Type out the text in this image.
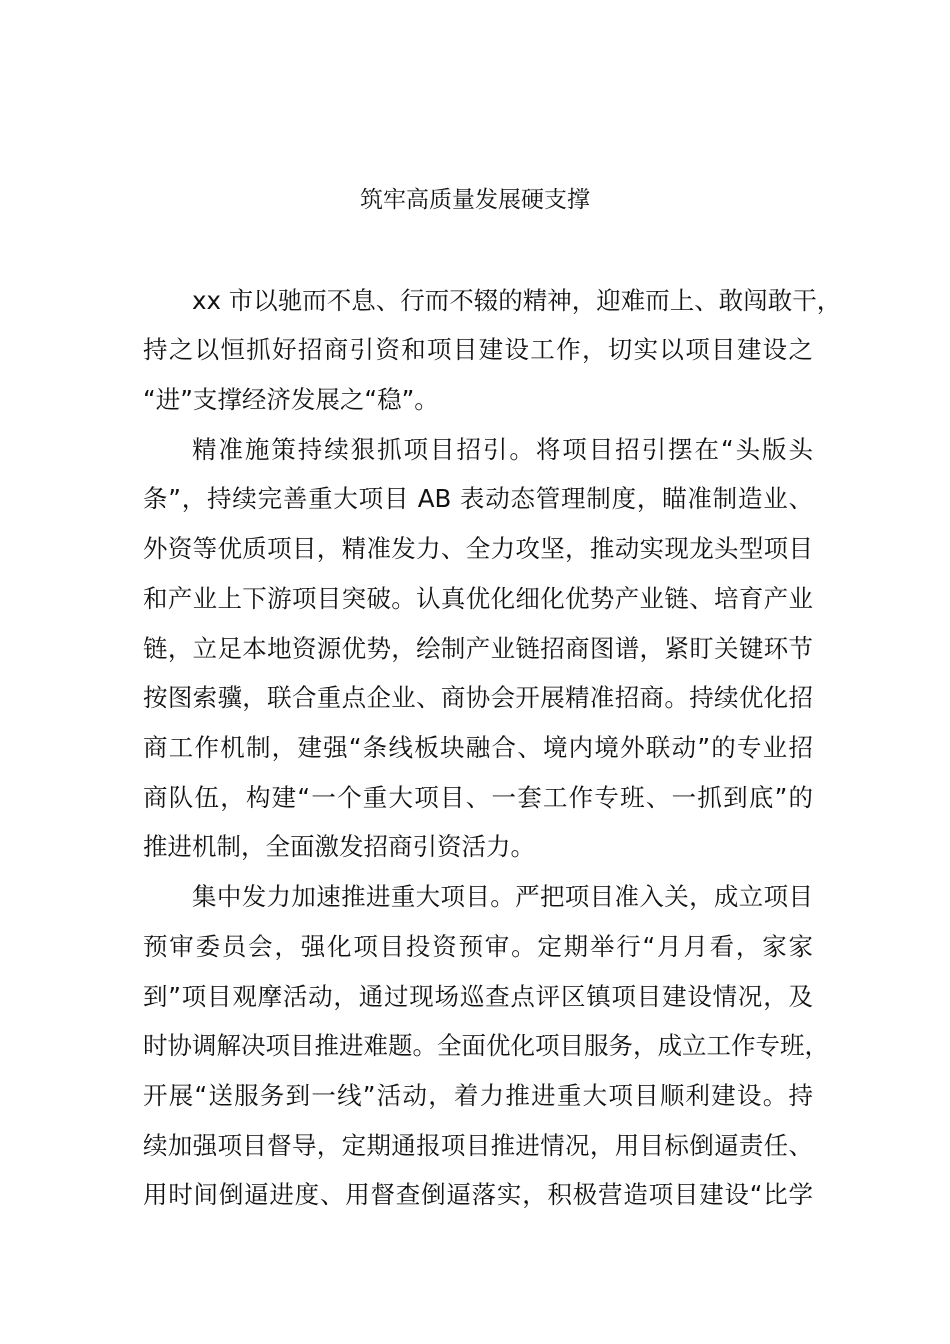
筑牢高质量发展硬支撑
xx 市以驰而不息、行而不辍的精神，迎难而上、敢闯敢干，
持之以恒抓好招商引资和项目建设工作，切实以项目建设之
“进”支撑经济发展之“稳”。
精准施策持续狠抓项目招引。将项目招引摆在“头版头
条”，持续完善重大项目 AB 表动态管理制度，瞄准制造业、
外资等优质项目，精准发力、全力攻坚，推动实现龙头型项目
和产业上下游项目突破。认真优化细化优势产业链、培育产业
链，立足本地资源优势，绘制产业链招商图谱，紧盯关键环节
按图索骥，联合重点企业、商协会开展精准招商。持续优化招
商工作机制，建强“条线板块融合、境内境外联动”的专业招
商队伍，构建“一个重大项目、一套工作专班、一抓到底”的
推进机制，全面激发招商引资活力。
集中发力加速推进重大项目。严把项目准入关，成立项目
预审委员会，强化项目投资预审。定期举行“月月看，家家
到”项目观摩活动，通过现场巡查点评区镇项目建设情况，及
时协调解决项目推进难题。全面优化项目服务，成立工作专班，
开展“送服务到一线”活动，着力推进重大项目顺利建设。持
续加强项目督导，定期通报项目推进情况，用目标倒逼责任、
用时间倒逼进度、用督查倒逼落实，积极营造项目建设“比学
